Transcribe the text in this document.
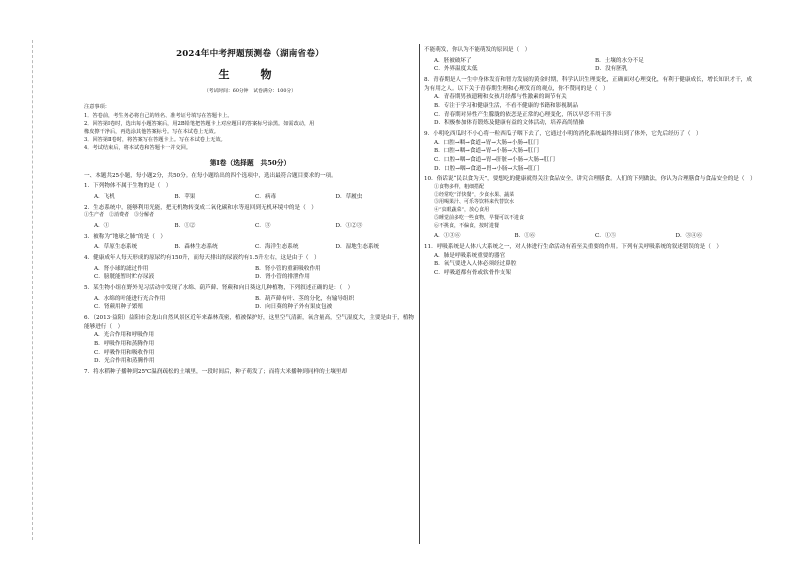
2024年中考押题预测卷（湖南省卷）
生　物
（考试时间：60分钟　试卷满分：100分）
注意事项：
1．答卷前，考生务必将自己的姓名、准考证号填写在答题卡上。
2．回答第Ⅰ卷时，选出每小题答案后，用2B铅笔把答题卡上对应题目的答案标号涂黑。如需改动，用
橡皮擦干净后，再选涂其他答案标号。写在本试卷上无效。
3．回答第Ⅱ卷时，将答案写在答题卡上。写在本试卷上无效。
4．考试结束后，将本试卷和答题卡一并交回。
第Ⅰ卷（选择题　共50分）
一、本题共25小题，每小题2分，共50分。在每小题给出的四个选项中，选出最符合题目要求的一项。
1．下列物体不属于生物的是（　）
A．飞机	B．苹果	C．病毒	D．草履虫
2．生态系统中，能够利用光能，把无机物转变成二氧化碳和水等返回到无机环境中的是（　）
①生产者　②消费者　③分解者
A．①	B．①②	C．③	D．①②③
3．被称为“地球之肺”的是（　）
A．草原生态系统	B．森林生态系统	C．海洋生态系统	D．湿地生态系统
4．健康成年人每天形成的原尿约有150升，而每天排出的尿液约有1.5升左右，这是由于（　）
A．肾小球的滤过作用	B．肾小管的重新吸收作用
C．膀胱能暂时贮存尿液	D．肾小管的排泄作用
5．某生物小组在野外见习活动中发现了水绵、葫芦藓、肾蕨和向日葵这几种植物，下列叙述正确的是：（　）
A．水绵的叶能进行光合作用	B．葫芦藓有叶、茎的分化，有输导组织
C．肾蕨用种子繁殖	D．向日葵的种子外有果皮包被
6．（2013·益阳）益阳市会龙山自然风景区近年来森林茂密，植被保护好，这里空气清新，氧含量高，空气湿度大，主要是由于，植物能够进行（　）
A．光合作用和呼吸作用
B．呼吸作用和蒸腾作用
C．呼吸作用和吸收作用
D．光合作用和蒸腾作用
7．将水稻种子播种到25℃温润疏松的土壤里，一段时间后，种子萌发了；而将大米播种到同样的土壤里却
不能萌发，你认为不能萌发的原因是（　）
A．胚被破坏了	B．土壤的水分不足
C．外界温度太低	D．没有胚乳
8．青春期是人一生中身体发育和智力发展的黄金时期，科学认识生理变化，正确面对心理变化，有利于健康成长，增长知识才干，成为有用之人。以下关于青春期生理和心理发育的观点，你不赞同的是（　）
A．青春期男孩遗精和女孩月经都与性激素的调节有关
B．专注于学习和健康生活，不看不健康的书籍和影视制品
C．青春期对异性产生朦胧的依恋是正常的心理变化，所以早恋不用干涉
D．积极参加体育锻炼及健康有益的文体活动，培养高尚情操
9．小明吃西瓜时不小心将一粒西瓜子咽下去了，它通过小明的消化系统最终排出到了体外，它先后经历了（　）
A．口腔→咽→食道→胃→大肠→小肠→肛门
B．口腔→咽→食道→胃→小肠→大肠→肛门
C．口腔→咽→食道→胃→肝脏→小肠→大肠→肛门
D．口腔→咽→食道→胃→小肠→大肠→肛门
10．俗话说“民以食为天”，要想吃的健康就得关注食品安全，讲究合理膳食。人们的下列做法，你认为合理膳食与食品安全的是（　）
①食物多样，粗细搭配
②经常吃“洋快餐”，少食水果、蔬菜
③用喝果汁、可乐等饮料来代替饮水
④“虫眼蔬菜”，放心食用
⑤睡觉前多吃一些食物，早餐可以不进食
⑥不挑食，不偏食，按时进餐
A．①③⑥	B．①⑥	C．①⑤	D．③④⑥
11．呼吸系统是人体八大系统之一，对人体进行生命活动有着至关重要的作用。下列有关呼吸系统的叙述错误的是（　）
A．肺是呼吸系统重要的器官
B．氧气要进入人体必须经过鼻腔
C．呼吸道都有骨或软骨作支架
